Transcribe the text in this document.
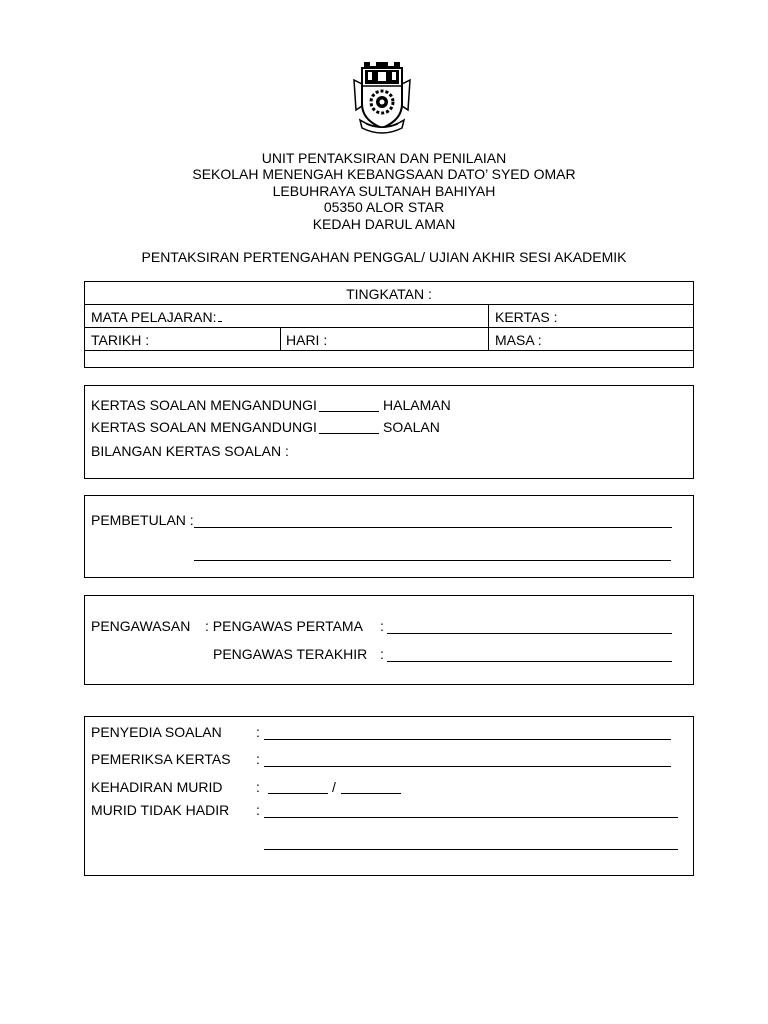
UNIT PENTAKSIRAN DAN PENILAIAN
SEKOLAH MENENGAH KEBANGSAAN DATO’ SYED OMAR
LEBUHRAYA SULTANAH BAHIYAH
05350 ALOR STAR
KEDAH DARUL AMAN
PENTAKSIRAN PERTENGAHAN PENGGAL/ UJIAN AKHIR SESI AKADEMIK
TINGKATAN :
MATA PELAJARAN:	KERTAS :
TARIKH :	HARI :	MASA :
KERTAS SOALAN MENGANDUNGI	HALAMAN
KERTAS SOALAN MENGANDUNGI	SOALAN
BILANGAN KERTAS SOALAN :
PEMBETULAN :
PENGAWASAN : PENGAWAS PERTAMA :
PENGAWAS TERAKHIR :
PENYEDIA SOALAN :
PEMERIKSA KERTAS :
KEHADIRAN MURID :	/
MURID TIDAK HADIR :
